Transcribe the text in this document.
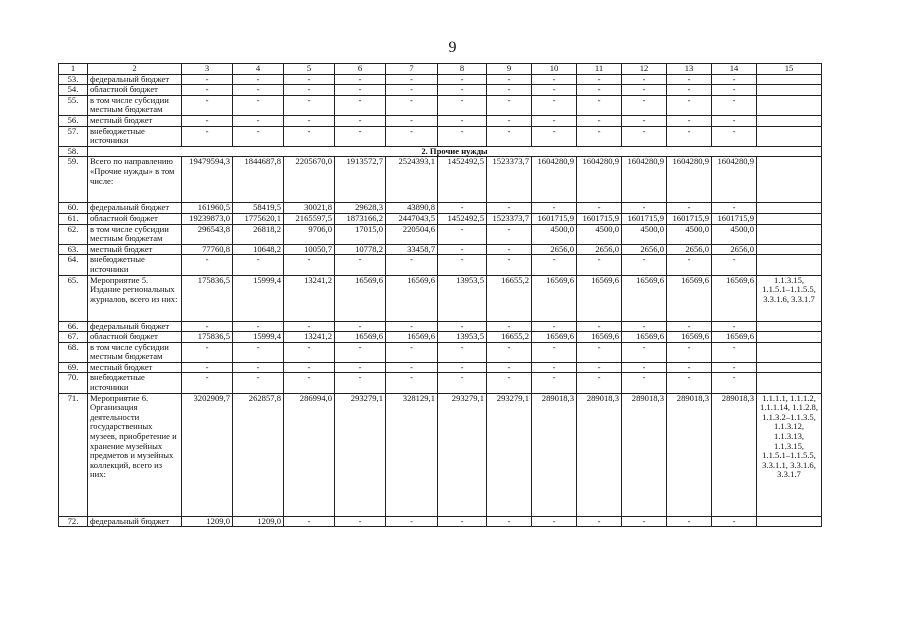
9
1	2	3	4	5	6	7	8	9	10	11	12	13	14	15
53.	федеральный бюджет	-	-	-	-	-	-	-	-	-	-	-	-	
54.	областной бюджет	-	-	-	-	-	-	-	-	-	-	-	-	
55.	в том числе субсидии местным бюджетам	-	-	-	-	-	-	-	-	-	-	-	-	
56.	местный бюджет	-	-	-	-	-	-	-	-	-	-	-	-	
57.	внебюджетные источники	-	-	-	-	-	-	-	-	-	-	-	-	
58.	2. Прочие нужды													
59.	Всего по направлению «Прочие нужды» в том числе:	19479594,3	1844687,8	2205670,0	1913572,7	2524393,1	1452492,5	1523373,7	1604280,9	1604280,9	1604280,9	1604280,9	1604280,9	
60.	федеральный бюджет	161960,5	58419,5	30021,8	29628,3	43890,8	-	-	-	-	-	-	-	
61.	областной бюджет	19239873,0	1775620,1	2165597,5	1873166,2	2447043,5	1452492,5	1523373,7	1601715,9	1601715,9	1601715,9	1601715,9	1601715,9	
62.	в том числе субсидии местным бюджетам	296543,8	26818,2	9706,0	17015,0	220504,6	-	-	4500,0	4500,0	4500,0	4500,0	4500,0	
63.	местный бюджет	77760,8	10648,2	10050,7	10778,2	33458,7	-	-	2656,0	2656,0	2656,0	2656,0	2656,0	
64.	внебюджетные источники	-	-	-	-	-	-	-	-	-	-	-	-	
65.	Мероприятие 5. Издание региональных журналов, всего из них:	175836,5	15999,4	13241,2	16569,6	16569,6	13953,5	16655,2	16569,6	16569,6	16569,6	16569,6	16569,6	1.1.3.15, 1.1.5.1–1.1.5.5, 3.3.1.6, 3.3.1.7
66.	федеральный бюджет	-	-	-	-	-	-	-	-	-	-	-	-	
67.	областной бюджет	175836,5	15999,4	13241,2	16569,6	16569,6	13953,5	16655,2	16569,6	16569,6	16569,6	16569,6	16569,6	
68.	в том числе субсидии местным бюджетам	-	-	-	-	-	-	-	-	-	-	-	-	
69.	местный бюджет	-	-	-	-	-	-	-	-	-	-	-	-	
70.	внебюджетные источники	-	-	-	-	-	-	-	-	-	-	-	-	
71.	Мероприятие 6. Организация деятельности государственных музеев, приобретение и хранение музейных предметов и музейных коллекций, всего из них:	3202909,7	262857,8	286994,0	293279,1	328129,1	293279,1	293279,1	289018,3	289018,3	289018,3	289018,3	289018,3	1.1.1.1, 1.1.1.2, 1.1.1.14, 1.1.2.8, 1.1.3.2–1.1.3.5, 1.1.3.12, 1.1.3.13, 1.1.3.15, 1.1.5.1–1.1.5.5, 3.3.1.1, 3.3.1.6, 3.3.1.7
72.	федеральный бюджет	1209,0	1209,0	-	-	-	-	-	-	-	-	-	-	
